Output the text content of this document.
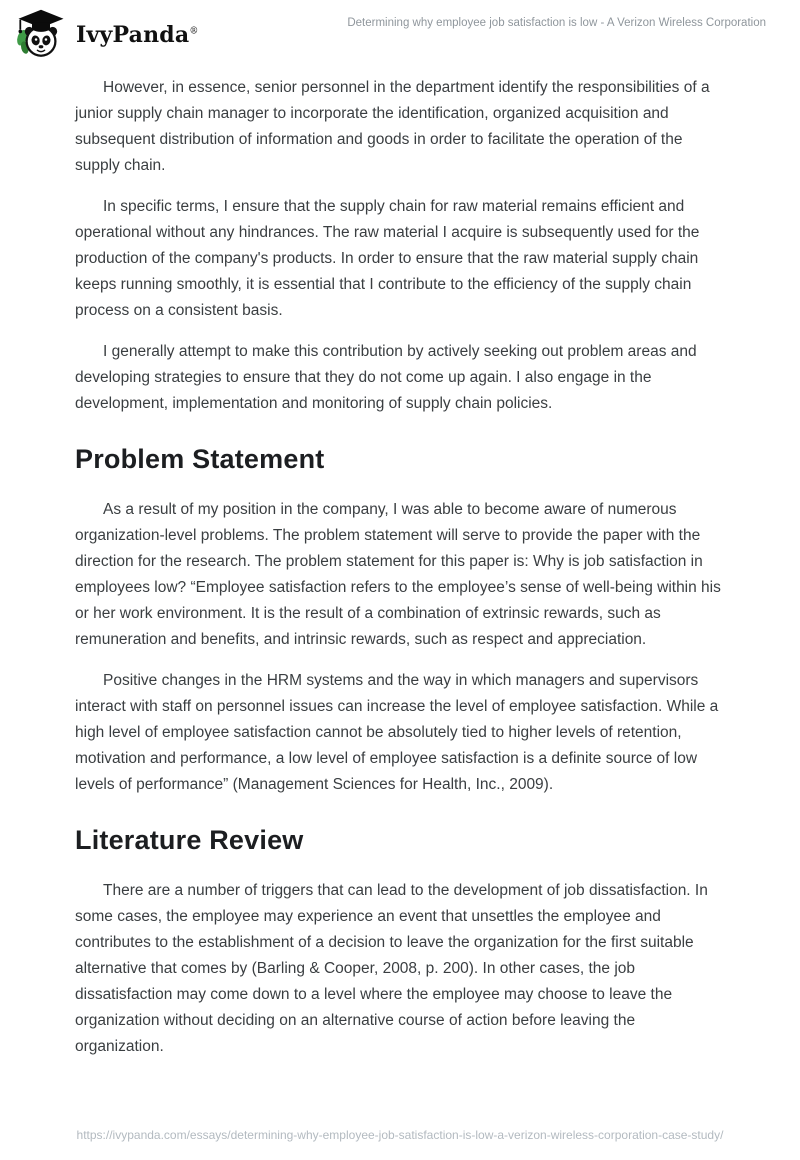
IvyPanda®
Determining why employee job satisfaction is low - A Verizon Wireless Corporation

However, in essence, senior personnel in the department identify the responsibilities of a junior supply chain manager to incorporate the identification, organized acquisition and subsequent distribution of information and goods in order to facilitate the operation of the supply chain.

In specific terms, I ensure that the supply chain for raw material remains efficient and operational without any hindrances. The raw material I acquire is subsequently used for the production of the company's products. In order to ensure that the raw material supply chain keeps running smoothly, it is essential that I contribute to the efficiency of the supply chain process on a consistent basis.

I generally attempt to make this contribution by actively seeking out problem areas and developing strategies to ensure that they do not come up again. I also engage in the development, implementation and monitoring of supply chain policies.

Problem Statement

As a result of my position in the company, I was able to become aware of numerous organization-level problems. The problem statement will serve to provide the paper with the direction for the research. The problem statement for this paper is: Why is job satisfaction in employees low? “Employee satisfaction refers to the employee’s sense of well-being within his or her work environment. It is the result of a combination of extrinsic rewards, such as remuneration and benefits, and intrinsic rewards, such as respect and appreciation.

Positive changes in the HRM systems and the way in which managers and supervisors interact with staff on personnel issues can increase the level of employee satisfaction. While a high level of employee satisfaction cannot be absolutely tied to higher levels of retention, motivation and performance, a low level of employee satisfaction is a definite source of low levels of performance” (Management Sciences for Health, Inc., 2009).

Literature Review

There are a number of triggers that can lead to the development of job dissatisfaction. In some cases, the employee may experience an event that unsettles the employee and contributes to the establishment of a decision to leave the organization for the first suitable alternative that comes by (Barling & Cooper, 2008, p. 200). In other cases, the job dissatisfaction may come down to a level where the employee may choose to leave the organization without deciding on an alternative course of action before leaving the organization.

https://ivypanda.com/essays/determining-why-employee-job-satisfaction-is-low-a-verizon-wireless-corporation-case-study/
